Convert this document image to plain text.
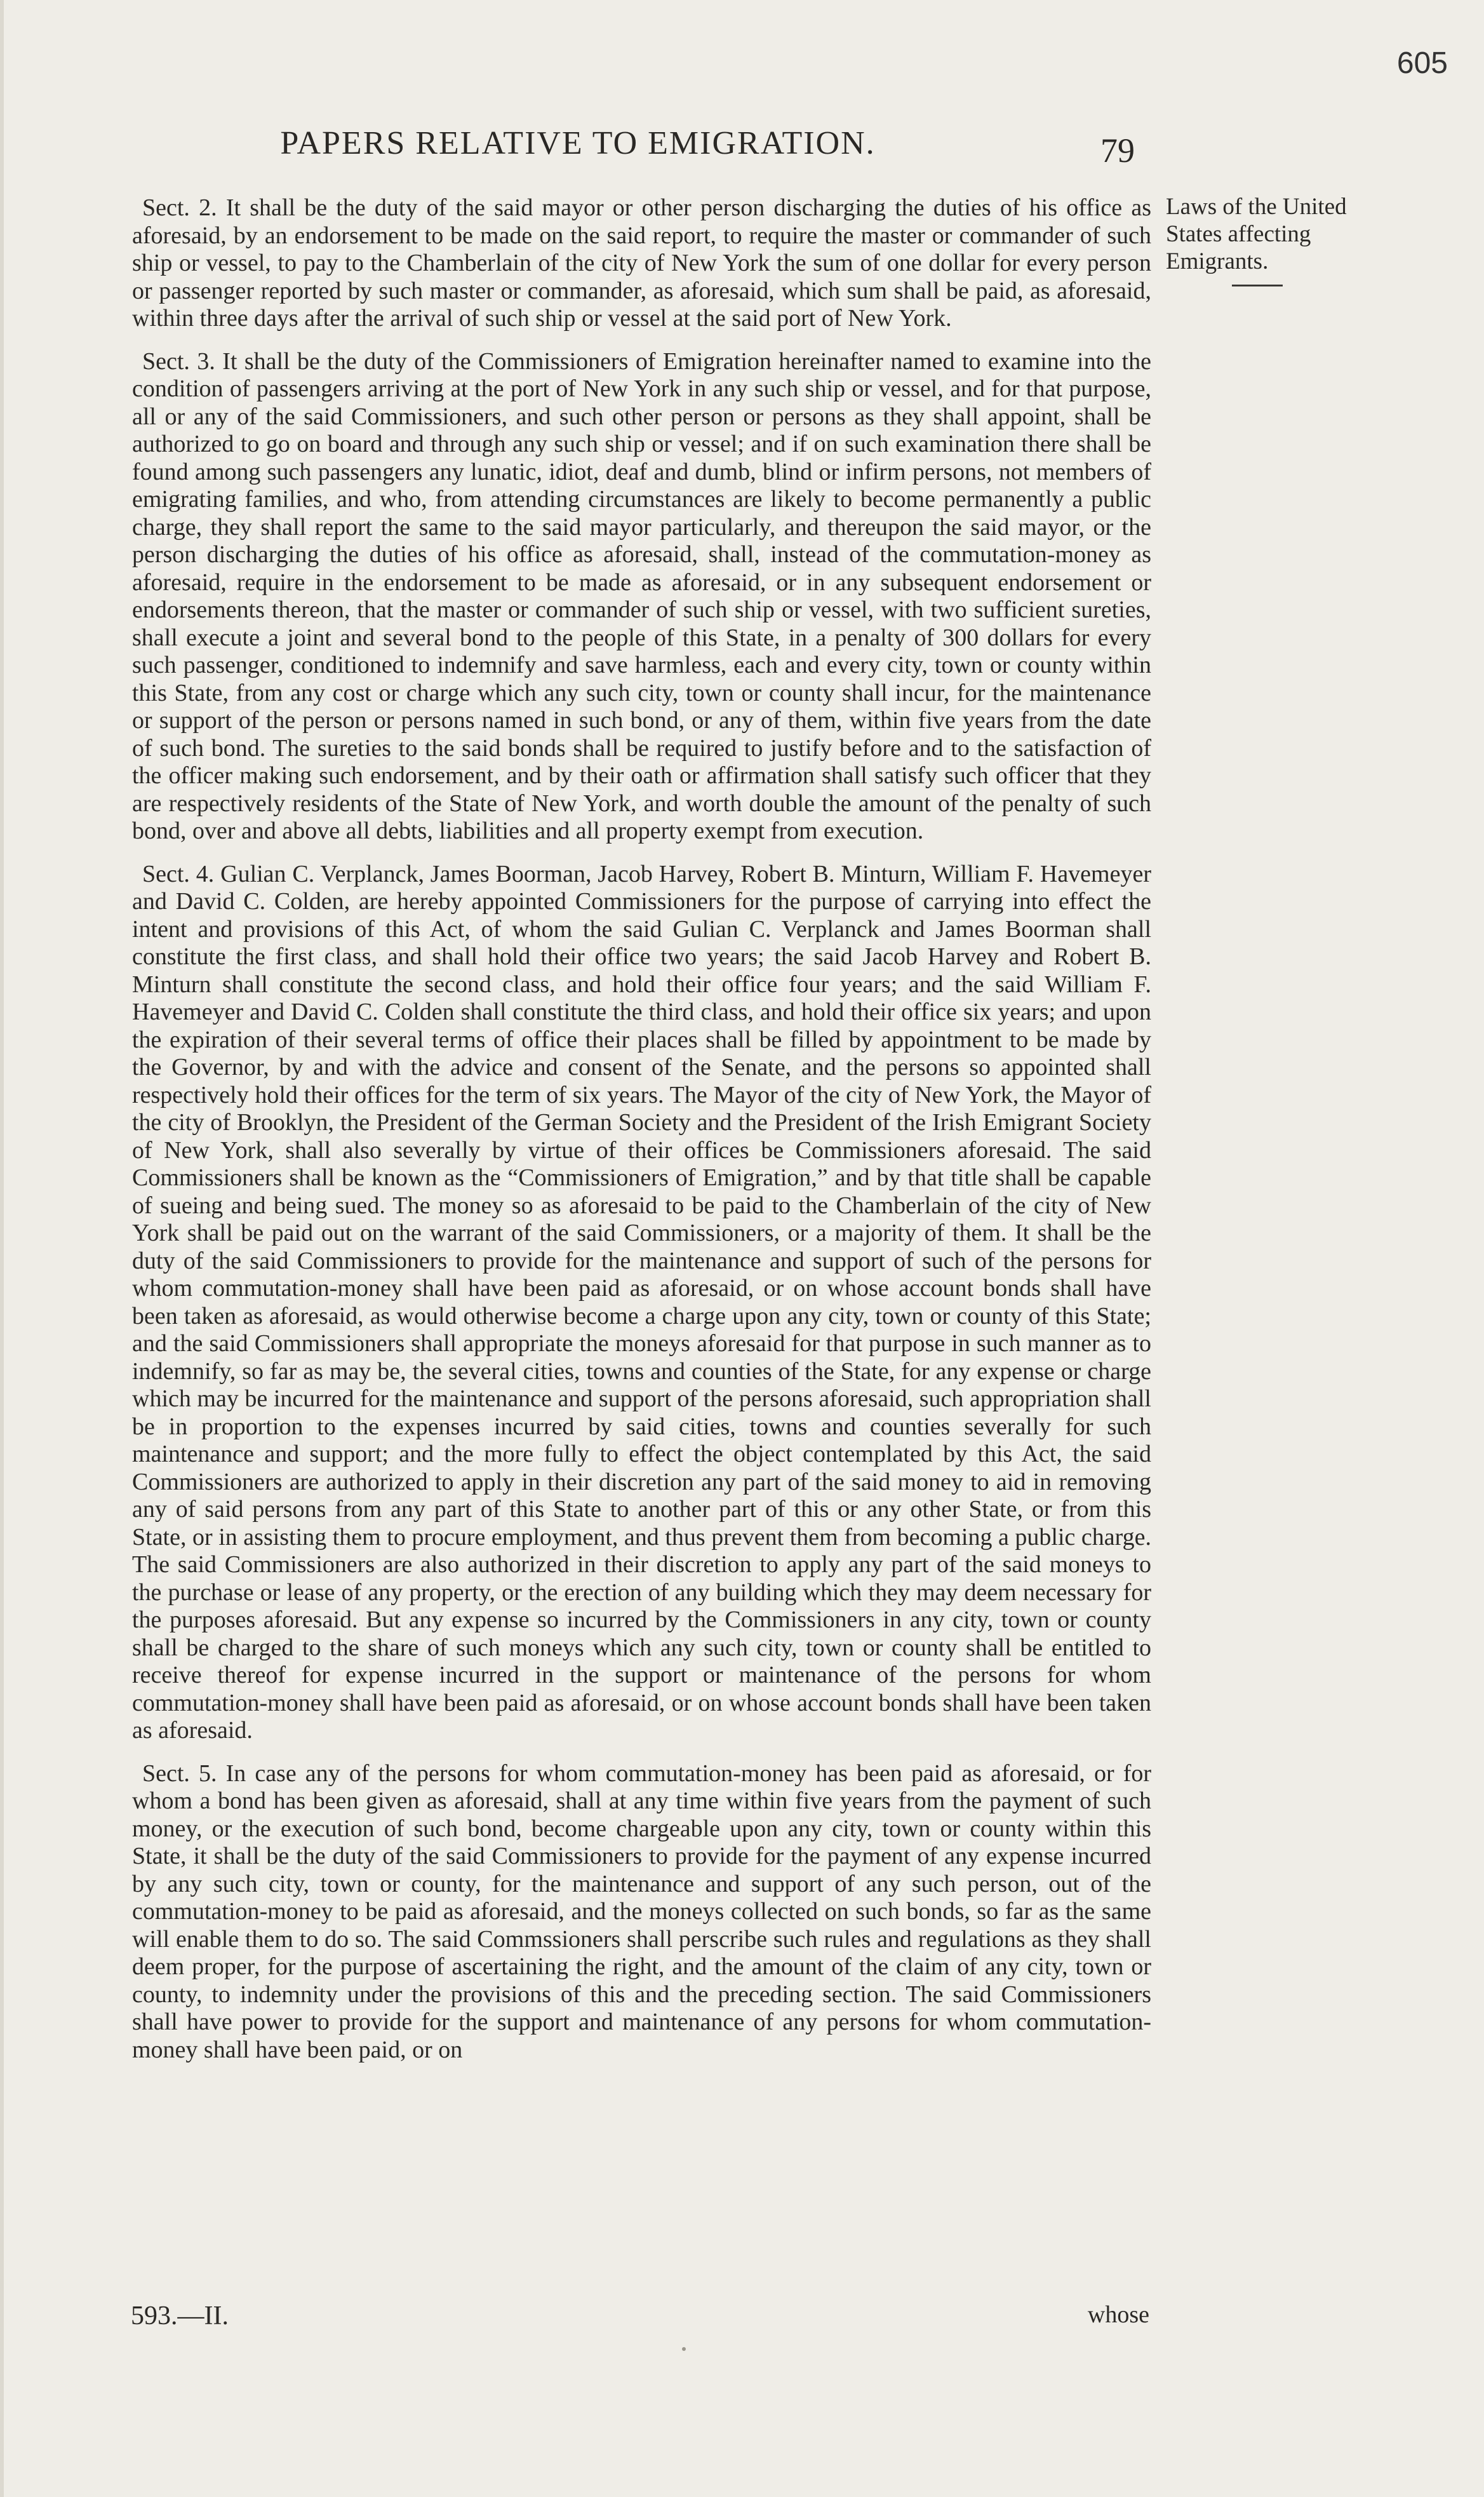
605
PAPERS RELATIVE TO EMIGRATION.	79
Laws of the United States affecting Emigrants.

Sect. 2. It shall be the duty of the said mayor or other person discharging the duties of his office as aforesaid, by an endorsement to be made on the said report, to require the master or commander of such ship or vessel, to pay to the Chamberlain of the city of New York the sum of one dollar for every person or passenger reported by such master or commander, as aforesaid, which sum shall be paid, as aforesaid, within three days after the arrival of such ship or vessel at the said port of New York.

Sect. 3. It shall be the duty of the Commissioners of Emigration hereinafter named to examine into the condition of passengers arriving at the port of New York in any such ship or vessel, and for that purpose, all or any of the said Commissioners, and such other person or persons as they shall appoint, shall be authorized to go on board and through any such ship or vessel; and if on such examination there shall be found among such passengers any lunatic, idiot, deaf and dumb, blind or infirm persons, not members of emigrating families, and who, from attending circumstances are likely to become permanently a public charge, they shall report the same to the said mayor particularly, and thereupon the said mayor, or the person discharging the duties of his office as aforesaid, shall, instead of the commutation-money as aforesaid, require in the endorsement to be made as aforesaid, or in any subsequent endorsement or endorsements thereon, that the master or commander of such ship or vessel, with two sufficient sureties, shall execute a joint and several bond to the people of this State, in a penalty of 300 dollars for every such passenger, conditioned to indemnify and save harmless, each and every city, town or county within this State, from any cost or charge which any such city, town or county shall incur, for the maintenance or support of the person or persons named in such bond, or any of them, within five years from the date of such bond. The sureties to the said bonds shall be required to justify before and to the satisfaction of the officer making such endorsement, and by their oath or affirmation shall satisfy such officer that they are respectively residents of the State of New York, and worth double the amount of the penalty of such bond, over and above all debts, liabilities and all property exempt from execution.

Sect. 4. Gulian C. Verplanck, James Boorman, Jacob Harvey, Robert B. Minturn, William F. Havemeyer and David C. Colden, are hereby appointed Commissioners for the purpose of carrying into effect the intent and provisions of this Act, of whom the said Gulian C. Verplanck and James Boorman shall constitute the first class, and shall hold their office two years; the said Jacob Harvey and Robert B. Minturn shall constitute the second class, and hold their office four years; and the said William F. Havemeyer and David C. Colden shall constitute the third class, and hold their office six years; and upon the expiration of their several terms of office their places shall be filled by appointment to be made by the Governor, by and with the advice and consent of the Senate, and the persons so appointed shall respectively hold their offices for the term of six years. The Mayor of the city of New York, the Mayor of the city of Brooklyn, the President of the German Society and the President of the Irish Emigrant Society of New York, shall also severally by virtue of their offices be Commissioners aforesaid. The said Commissioners shall be known as the “Commissioners of Emigration,” and by that title shall be capable of sueing and being sued. The money so as aforesaid to be paid to the Chamberlain of the city of New York shall be paid out on the warrant of the said Commissioners, or a majority of them. It shall be the duty of the said Commissioners to provide for the maintenance and support of such of the persons for whom commutation-money shall have been paid as aforesaid, or on whose account bonds shall have been taken as aforesaid, as would otherwise become a charge upon any city, town or county of this State; and the said Commissioners shall appropriate the moneys aforesaid for that purpose in such manner as to indemnify, so far as may be, the several cities, towns and counties of the State, for any expense or charge which may be incurred for the maintenance and support of the persons aforesaid, such appropriation shall be in proportion to the expenses incurred by said cities, towns and counties severally for such maintenance and support; and the more fully to effect the object contemplated by this Act, the said Commissioners are authorized to apply in their discretion any part of the said money to aid in removing any of said persons from any part of this State to another part of this or any other State, or from this State, or in assisting them to procure employment, and thus prevent them from becoming a public charge. The said Commissioners are also authorized in their discretion to apply any part of the said moneys to the purchase or lease of any property, or the erection of any building which they may deem necessary for the purposes aforesaid. But any expense so incurred by the Commissioners in any city, town or county shall be charged to the share of such moneys which any such city, town or county shall be entitled to receive thereof for expense incurred in the support or maintenance of the persons for whom commutation-money shall have been paid as aforesaid, or on whose account bonds shall have been taken as aforesaid.

Sect. 5. In case any of the persons for whom commutation-money has been paid as aforesaid, or for whom a bond has been given as aforesaid, shall at any time within five years from the payment of such money, or the execution of such bond, become chargeable upon any city, town or county within this State, it shall be the duty of the said Commissioners to provide for the payment of any expense incurred by any such city, town or county, for the maintenance and support of any such person, out of the commutation-money to be paid as aforesaid, and the moneys collected on such bonds, so far as the same will enable them to do so. The said Commssioners shall perscribe such rules and regulations as they shall deem proper, for the purpose of ascertaining the right, and the amount of the claim of any city, town or county, to indemnity under the provisions of this and the preceding section. The said Commissioners shall have power to provide for the support and maintenance of any persons for whom commutation-money shall have been paid, or on

593.—II.	whose
